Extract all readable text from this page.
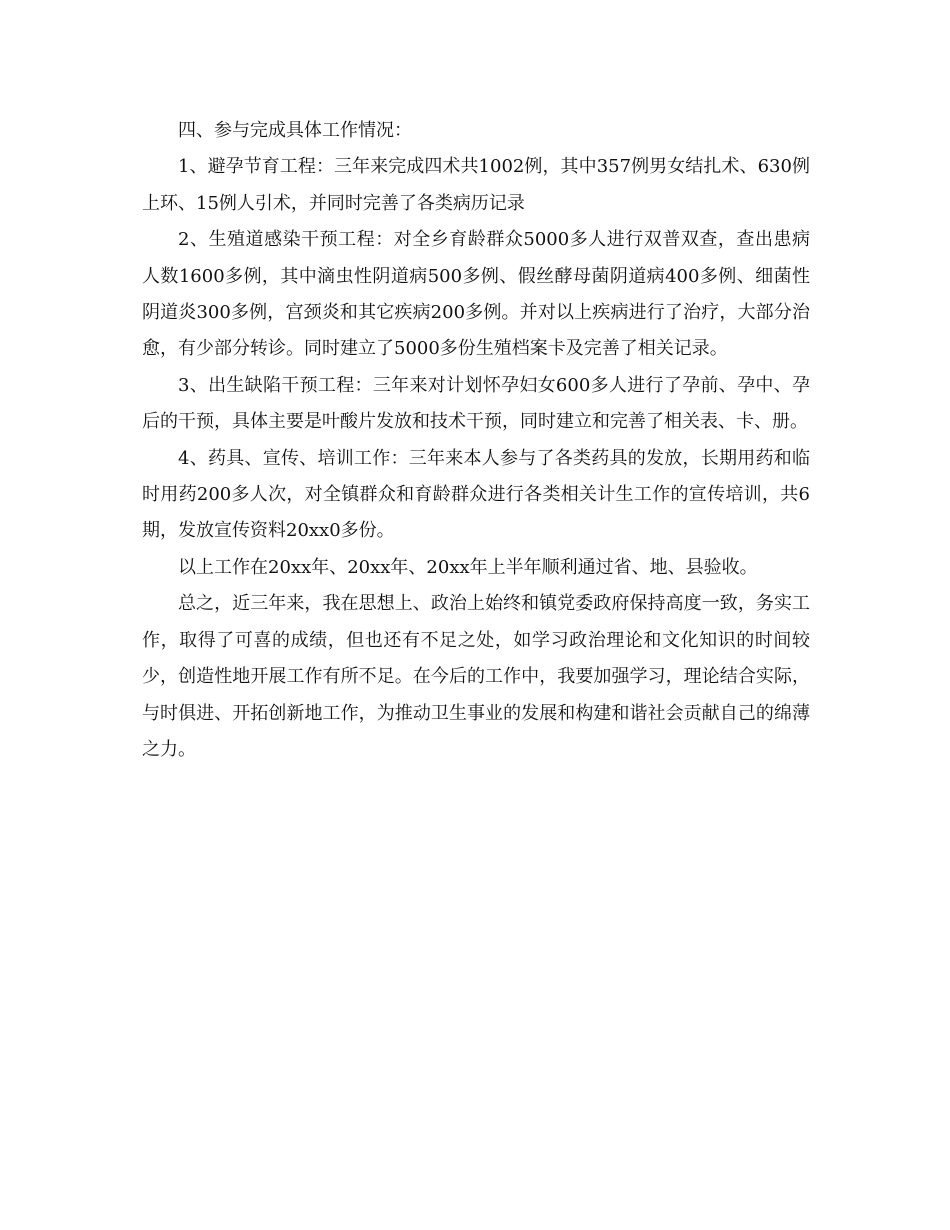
四、参与完成具体工作情况：

1、避孕节育工程：三年来完成四术共1002例，其中357例男女结扎术、630例上环、15例人引术，并同时完善了各类病历记录

2、生殖道感染干预工程：对全乡育龄群众5000多人进行双普双查，查出患病人数1600多例，其中滴虫性阴道病500多例、假丝酵母菌阴道病400多例、细菌性阴道炎300多例，宫颈炎和其它疾病200多例。并对以上疾病进行了治疗，大部分治愈，有少部分转诊。同时建立了5000多份生殖档案卡及完善了相关记录。

3、出生缺陷干预工程：三年来对计划怀孕妇女600多人进行了孕前、孕中、孕后的干预，具体主要是叶酸片发放和技术干预，同时建立和完善了相关表、卡、册。

4、药具、宣传、培训工作：三年来本人参与了各类药具的发放，长期用药和临时用药200多人次，对全镇群众和育龄群众进行各类相关计生工作的宣传培训，共6期，发放宣传资料20xx0多份。

以上工作在20xx年、20xx年、20xx年上半年顺利通过省、地、县验收。

总之，近三年来，我在思想上、政治上始终和镇党委政府保持高度一致，务实工作，取得了可喜的成绩，但也还有不足之处，如学习政治理论和文化知识的时间较少，创造性地开展工作有所不足。在今后的工作中，我要加强学习，理论结合实际，与时俱进、开拓创新地工作，为推动卫生事业的发展和构建和谐社会贡献自己的绵薄之力。
